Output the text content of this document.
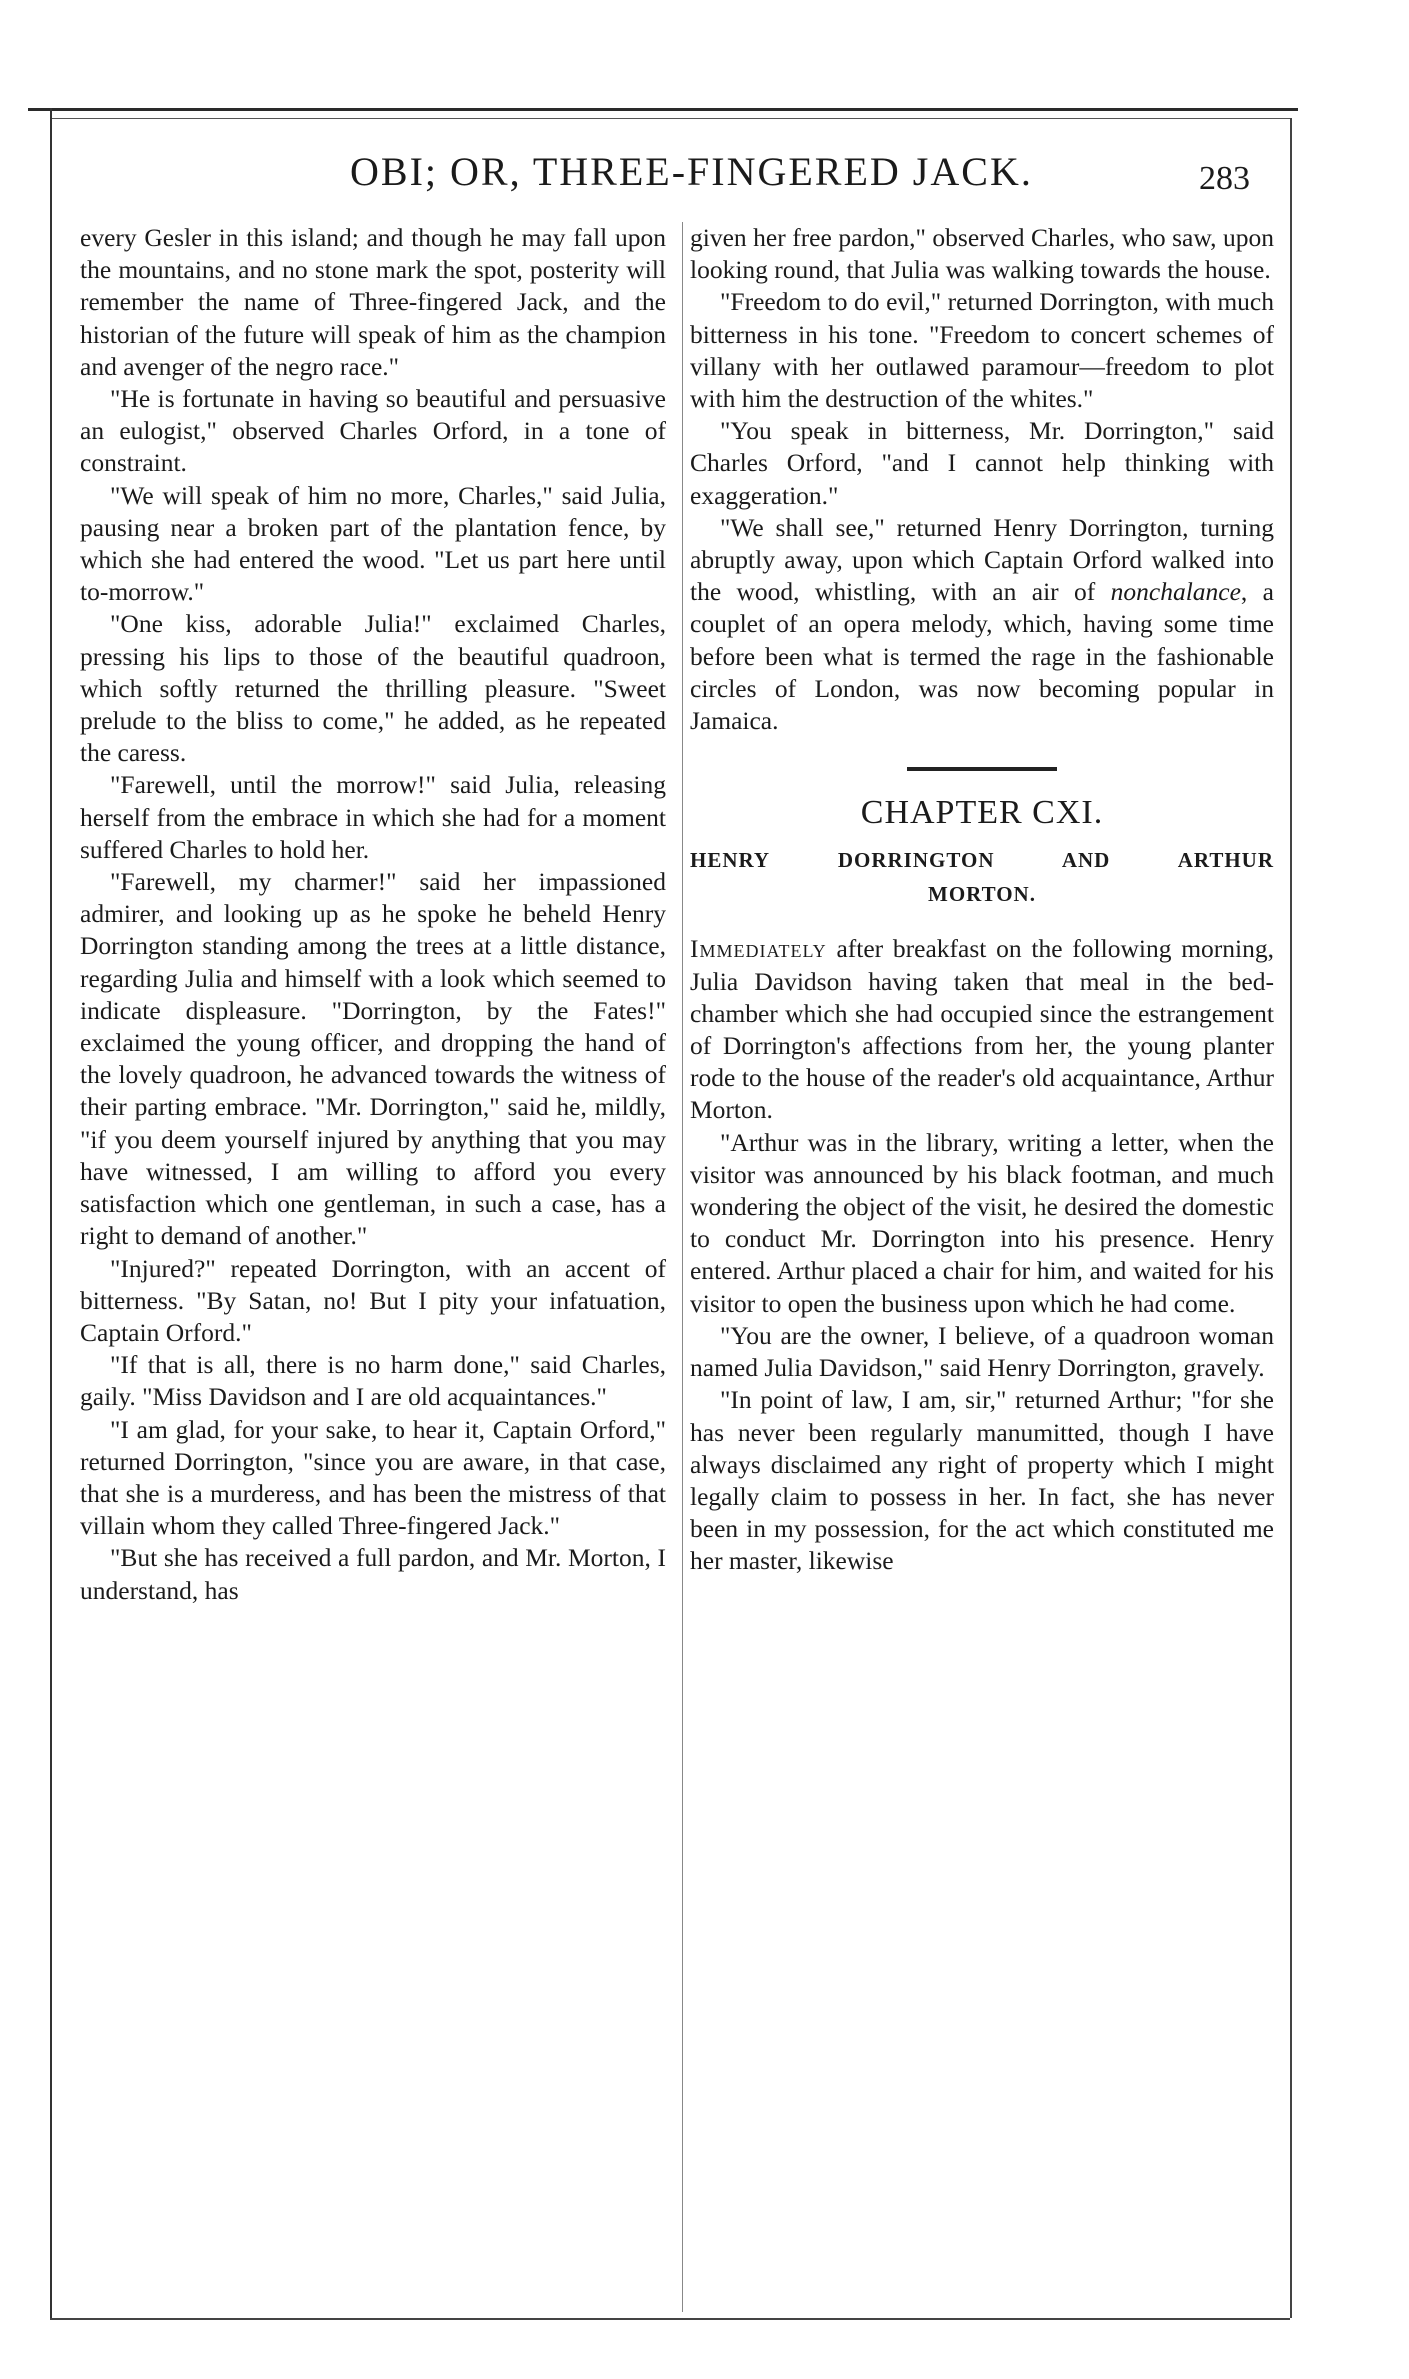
OBI; OR, THREE-FINGERED JACK.	283

every Gesler in this island; and though he may fall upon the mountains, and no stone mark the spot, posterity will remember the name of Three-fingered Jack, and the historian of the future will speak of him as the champion and avenger of the negro race."

"He is fortunate in having so beautiful and persuasive an eulogist," observed Charles Orford, in a tone of constraint.

"We will speak of him no more, Charles," said Julia, pausing near a broken part of the plantation fence, by which she had entered the wood. "Let us part here until to-morrow."

"One kiss, adorable Julia!" exclaimed Charles, pressing his lips to those of the beautiful quadroon, which softly returned the thrilling pleasure. "Sweet prelude to the bliss to come," he added, as he repeated the caress.

"Farewell, until the morrow!" said Julia, releasing herself from the embrace in which she had for a moment suffered Charles to hold her.

"Farewell, my charmer!" said her impassioned admirer, and looking up as he spoke he beheld Henry Dorrington standing among the trees at a little distance, regarding Julia and himself with a look which seemed to indicate displeasure. "Dorrington, by the Fates!" exclaimed the young officer, and dropping the hand of the lovely quadroon, he advanced towards the witness of their parting embrace. "Mr. Dorrington," said he, mildly, "if you deem yourself injured by anything that you may have witnessed, I am willing to afford you every satisfaction which one gentleman, in such a case, has a right to demand of another."

"Injured?" repeated Dorrington, with an accent of bitterness. "By Satan, no! But I pity your infatuation, Captain Orford."

"If that is all, there is no harm done," said Charles, gaily. "Miss Davidson and I are old acquaintances."

"I am glad, for your sake, to hear it, Captain Orford," returned Dorrington, "since you are aware, in that case, that she is a murderess, and has been the mistress of that villain whom they called Three-fingered Jack."

"But she has received a full pardon, and Mr. Morton, I understand, has

given her free pardon," observed Charles, who saw, upon looking round, that Julia was walking towards the house.

"Freedom to do evil," returned Dorrington, with much bitterness in his tone. "Freedom to concert schemes of villany with her outlawed paramour—freedom to plot with him the destruction of the whites."

"You speak in bitterness, Mr. Dorrington," said Charles Orford, "and I cannot help thinking with exaggeration."

"We shall see," returned Henry Dorrington, turning abruptly away, upon which Captain Orford walked into the wood, whistling, with an air of nonchalance, a couplet of an opera melody, which, having some time before been what is termed the rage in the fashionable circles of London, was now becoming popular in Jamaica.

CHAPTER CXI.
HENRY DORRINGTON AND ARTHUR
MORTON.

Immediately after breakfast on the following morning, Julia Davidson having taken that meal in the bed-chamber which she had occupied since the estrangement of Dorrington's affections from her, the young planter rode to the house of the reader's old acquaintance, Arthur Morton.

"Arthur was in the library, writing a letter, when the visitor was announced by his black footman, and much wondering the object of the visit, he desired the domestic to conduct Mr. Dorrington into his presence. Henry entered. Arthur placed a chair for him, and waited for his visitor to open the business upon which he had come.

"You are the owner, I believe, of a quadroon woman named Julia Davidson," said Henry Dorrington, gravely.

"In point of law, I am, sir," returned Arthur; "for she has never been regularly manumitted, though I have always disclaimed any right of property which I might legally claim to possess in her. In fact, she has never been in my possession, for the act which constituted me her master, likewise
